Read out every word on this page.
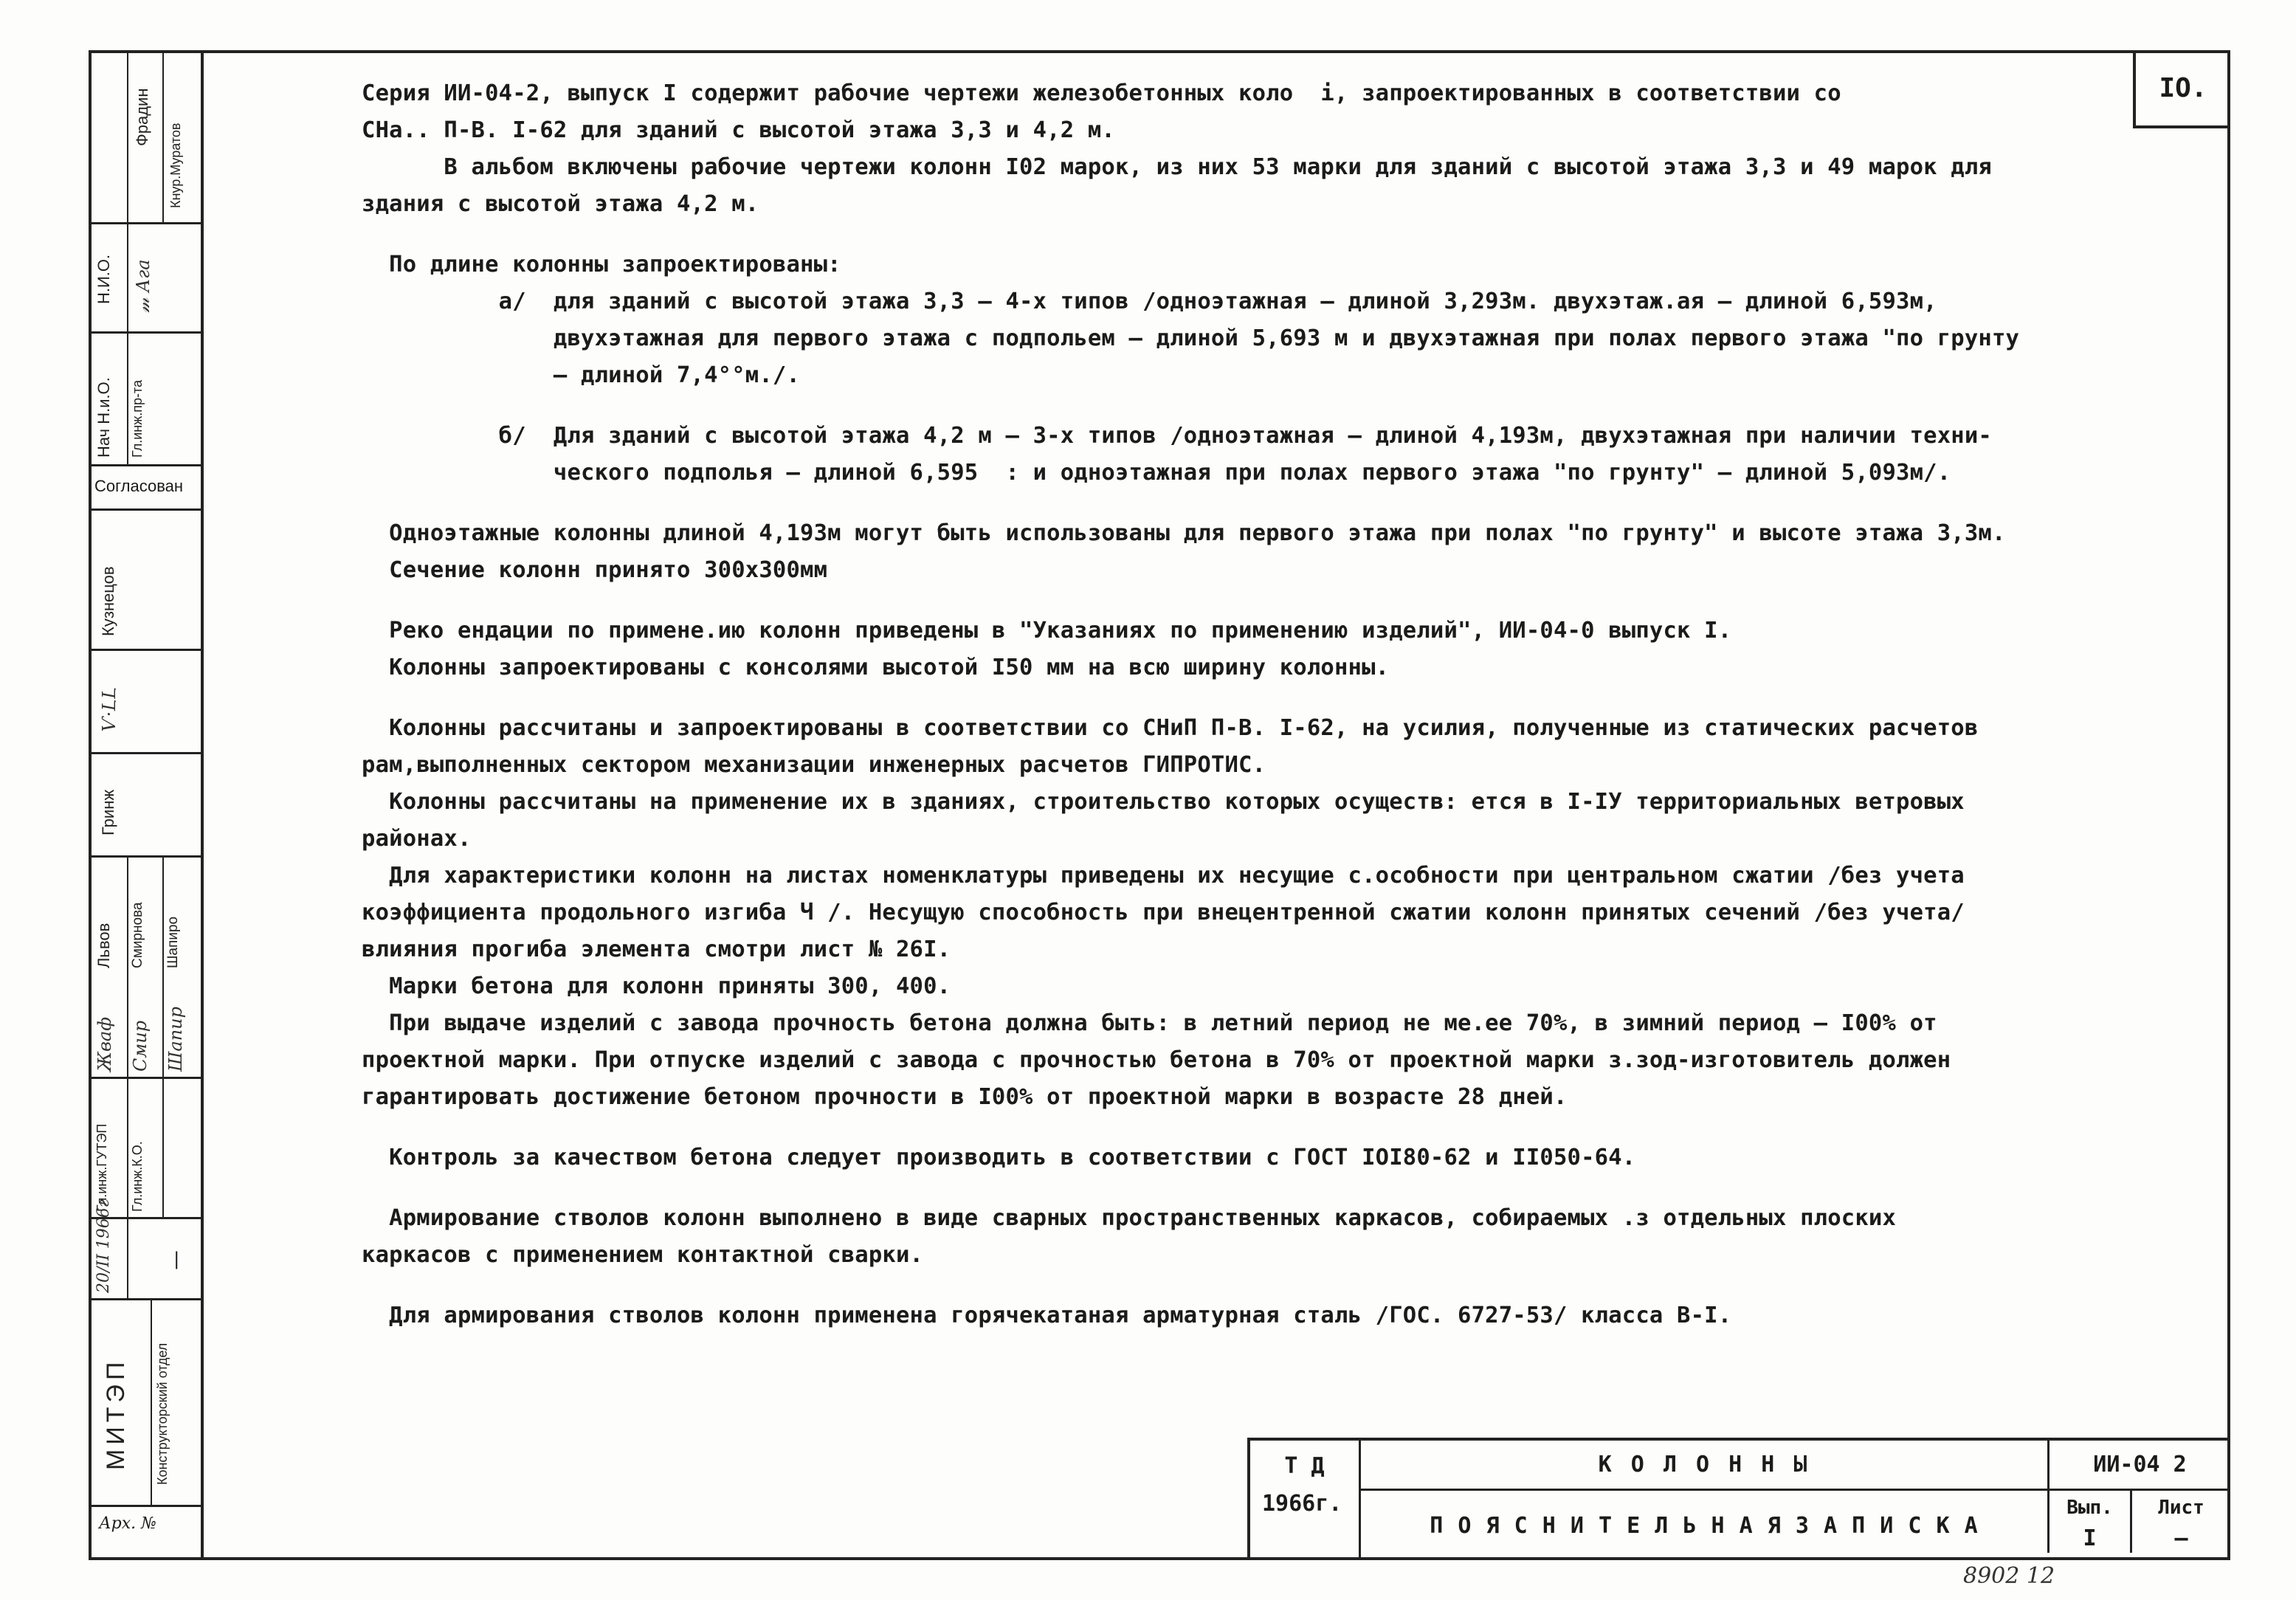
Фрадин
Кнур.Муратов
Н.И.О. 𝓂 Ага
Нач Н.и.О. Гл.инж.пр-та
Согласован
Кузнецов
Ѵ·ԼԼ
Гринж
Львов Смирнова Шапиро
Жваф Смир Шапир
Гл.инж.ГУТЭП Гл.инж.К.О.
20/II 1966г	|
МИТЭП Конструкторский отдел
Арх. №
IO.

Серия ИИ-04-2, выпуск I содержит рабочие чертежи железобетонных коло  і, запроектированных в соответствии со

СНа.. П-В. I-62 для зданий с высотой этажа 3,3 и 4,2 м.

В альбом включены рабочие чертежи колонн I02 марок, из них 53 марки для зданий с высотой этажа 3,3 и 49 марок для

здания с высотой этажа 4,2 м.

По длине колонны запроектированы:

а/  для зданий с высотой этажа 3,3 – 4-х типов /одноэтажная – длиной 3,293м. двухэтаж.ая – длиной 6,593м,

двухэтажная для первого этажа с подпольем – длиной 5,693 м и двухэтажная при полах первого этажа "по грунту

– длиной 7,4°°м./.

б/  Для зданий с высотой этажа 4,2 м – 3-х типов /одноэтажная – длиной 4,193м, двухэтажная при наличии техни-

ческого подполья – длиной 6,595  : и одноэтажная при полах первого этажа "по грунту" – длиной 5,093м/.

Одноэтажные колонны длиной 4,193м могут быть использованы для первого этажа при полах "по грунту" и высоте этажа 3,3м.

Сечение колонн принято 300х300мм

Реко ендации по примене.ию колонн приведены в "Указаниях по применению изделий", ИИ-04-0 выпуск I.

Колонны запроектированы с консолями высотой I50 мм на всю ширину колонны.

Колонны рассчитаны и запроектированы в соответствии со СНиП П-В. I-62, на усилия, полученные из статических расчетов

рам,выполненных сектором механизации инженерных расчетов ГИПРОТИС.

Колонны рассчитаны на применение их в зданиях, строительство которых осуществ: ется в I-IУ территориальных ветровых

районах.

Для характеристики колонн на листах номенклатуры приведены их несущие с.особности при центральном сжатии /без учета

коэффициента продольного изгиба Ч /. Несущую способность при внецентренной сжатии колонн принятых сечений /без учета/

влияния прогиба элемента смотри лист № 26I.

Марки бетона для колонн приняты 300, 400.

При выдаче изделий с завода прочность бетона должна быть: в летний период не ме.ее 70%, в зимний период – I00% от

проектной марки. При отпуске изделий с завода с прочностью бетона в 70% от проектной марки з.зод-изготовитель должен

гарантировать достижение бетоном прочности в I00% от проектной марки в возрасте 28 дней.

Контроль за качеством бетона следует производить в соответствии с ГОСТ IOI80-62 и II050-64.

Армирование стволов колонн выполнено в виде сварных пространственных каркасов, собираемых .з отдельных плоских

каркасов с применением контактной сварки.

Для армирования стволов колонн применена горячекатаная арматурная сталь /ГОС. 6727-53/ класса В-I.

Т Д
1966г.
К О Л О Н Н Ы
П О Я С Н И Т Е Л Ь Н А Я З А П И С К А
ИИ-04 2
Вып.
I
Лист
–
8902 12
